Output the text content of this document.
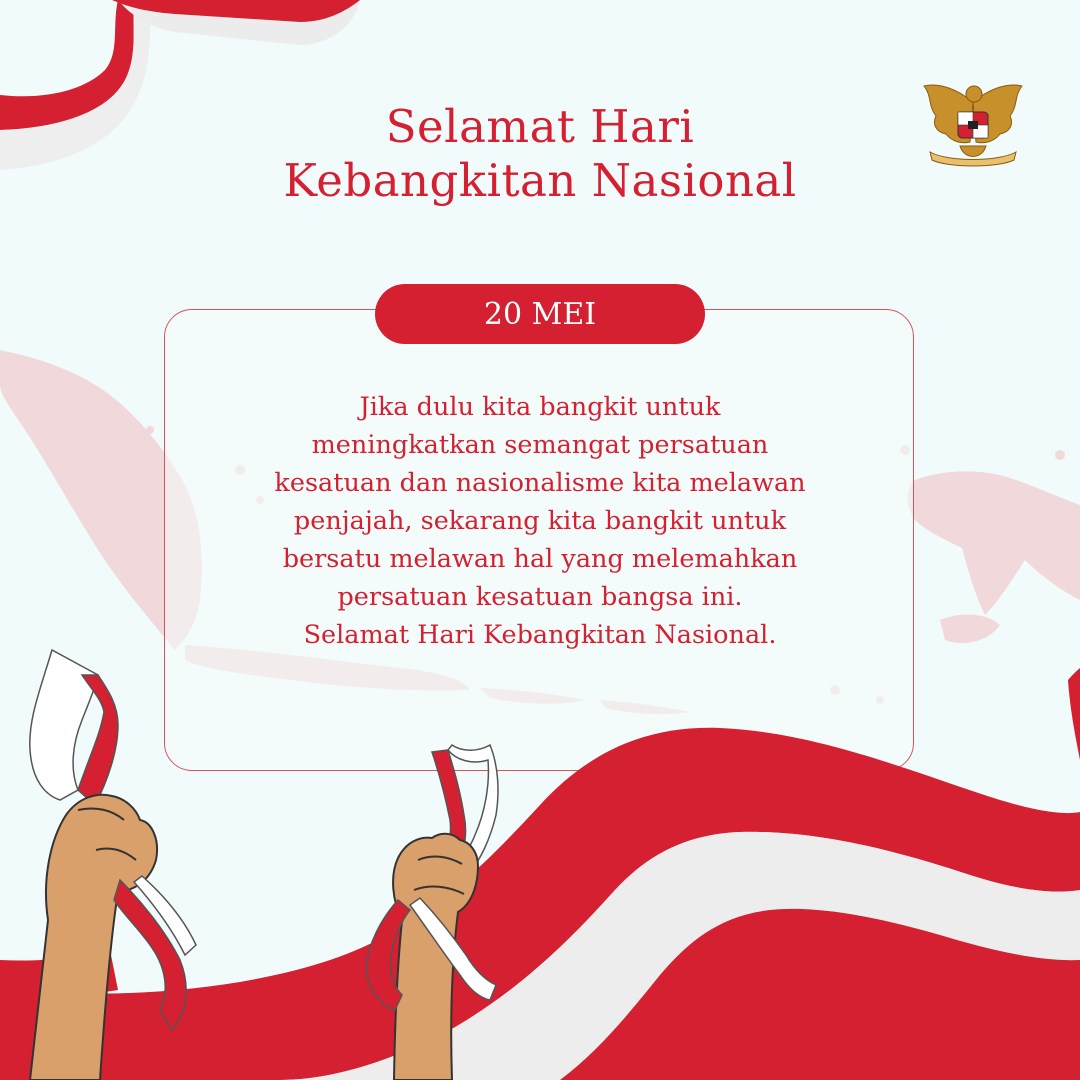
Selamat Hari
Kebangkitan Nasional
20 MEI

Jika dulu kita bangkit untuk
meningkatkan semangat persatuan
kesatuan dan nasionalisme kita melawan
penjajah, sekarang kita bangkit untuk
bersatu melawan hal yang melemahkan
persatuan kesatuan bangsa ini.
Selamat Hari Kebangkitan Nasional.
